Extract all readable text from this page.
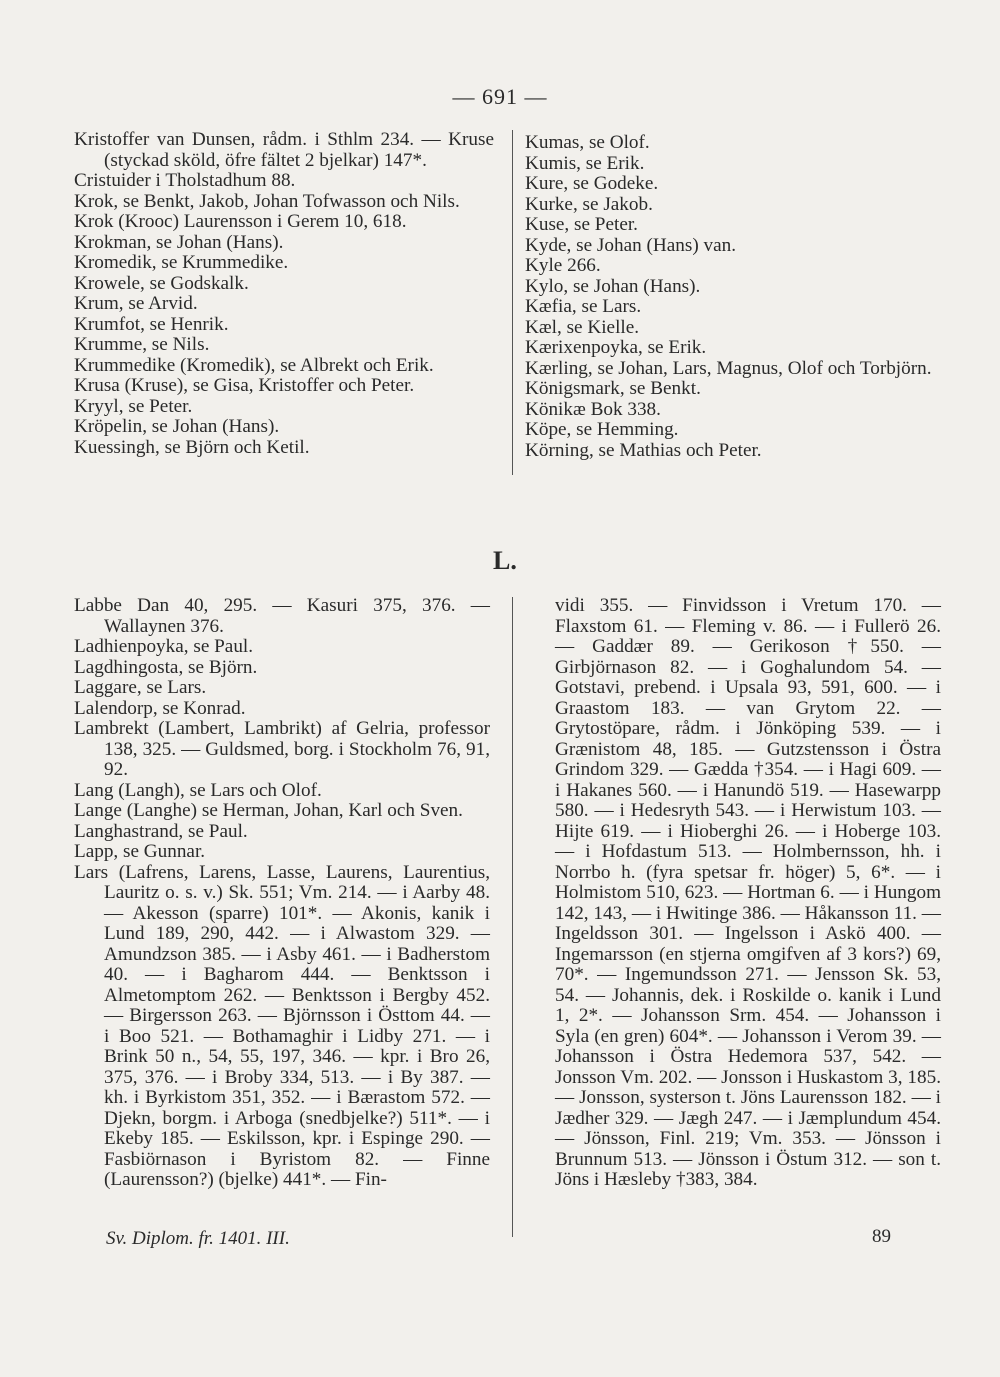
— 691 —

Kristoffer van Dunsen, rådm. i Sthlm 234. — Kruse (styckad sköld, öfre fältet 2 bjelkar) 147*.

Cristuider i Tholstadhum 88.

Krok, se Benkt, Jakob, Johan Tofwasson och Nils.

Krok (Krooc) Laurensson i Gerem 10, 618.

Krokman, se Johan (Hans).

Kromedik, se Krummedike.

Krowele, se Godskalk.

Krum, se Arvid.

Krumfot, se Henrik.

Krumme, se Nils.

Krummedike (Kromedik), se Albrekt och Erik.

Krusa (Kruse), se Gisa, Kristoffer och Peter.

Kryyl, se Peter.

Kröpelin, se Johan (Hans).

Kuessingh, se Björn och Ketil.

Kumas, se Olof.

Kumis, se Erik.

Kure, se Godeke.

Kurke, se Jakob.

Kuse, se Peter.

Kyde, se Johan (Hans) van.

Kyle 266.

Kylo, se Johan (Hans).

Kæfia, se Lars.

Kæl, se Kielle.

Kærixenpoyka, se Erik.

Kærling, se Johan, Lars, Magnus, Olof och Torbjörn.

Königsmark, se Benkt.

Könikæ Bok 338.

Köpe, se Hemming.

Körning, se Mathias och Peter.

L.

Labbe Dan 40, 295. — Kasuri 375, 376. — Wallaynen 376.

Ladhienpoyka, se Paul.

Lagdhingosta, se Björn.

Laggare, se Lars.

Lalendorp, se Konrad.

Lambrekt (Lambert, Lambrikt) af Gelria, professor 138, 325. — Guldsmed, borg. i Stockholm 76, 91, 92.

Lang (Langh), se Lars och Olof.

Lange (Langhe) se Herman, Johan, Karl och Sven.

Langhastrand, se Paul.

Lapp, se Gunnar.

Lars (Lafrens, Larens, Lasse, Laurens, Laurentius, Lauritz o. s. v.) Sk. 551; Vm. 214. — i Aarby 48. — Akesson (sparre) 101*. — Akonis, kanik i Lund 189, 290, 442. — i Alwastom 329. — Amundzson 385. — i Asby 461. — i Badherstom 40. — i Bagharom 444. — Benktsson i Almetomptom 262. — Benktsson i Bergby 452. — Birgersson 263. — Björnsson i Östtom 44. — i Boo 521. — Bothamaghir i Lidby 271. — i Brink 50 n., 54, 55, 197, 346. — kpr. i Bro 26, 375, 376. — i Broby 334, 513. — i By 387. — kh. i Byrkistom 351, 352. — i Bærastom 572. — Djekn, borgm. i Arboga (snedbjelke?) 511*. — i Ekeby 185. — Eskilsson, kpr. i Espinge 290. — Fasbiörnason i Byristom 82. — Finne (Laurensson?) (bjelke) 441*. — Fin-

vidi 355. — Finvidsson i Vretum 170. — Flaxstom 61. — Fleming v. 86. — i Fullerö 26. — Gaddær 89. — Gerikoson †550. — Girbjörnason 82. — i Goghalundom 54. — Gotstavi, prebend. i Upsala 93, 591, 600. — i Graastom 183. — van Grytom 22. — Grytostöpare, rådm. i Jönköping 539. — i Grænistom 48, 185. — Gutzstensson i Östra Grindom 329. — Gædda †354. — i Hagi 609. — i Hakanes 560. — i Hanundö 519. — Hasewarpp 580. — i Hedesryth 543. — i Herwistum 103. — Hijte 619. — i Hioberghi 26. — i Hoberge 103. — i Hofdastum 513. — Holmbernsson, hh. i Norrbo h. (fyra spetsar fr. höger) 5, 6*. — i Holmistom 510, 623. — Hortman 6. — i Hungom 142, 143, — i Hwitinge 386. — Håkansson 11. — Ingeldsson 301. — Ingelsson i Askö 400. — Ingemarsson (en stjerna omgifven af 3 kors?) 69, 70*. — Ingemundsson 271. — Jensson Sk. 53, 54. — Johannis, dek. i Roskilde o. kanik i Lund 1, 2*. — Johansson Srm. 454. — Johansson i Syla (en gren) 604*. — Johansson i Verom 39. — Johansson i Östra Hedemora 537, 542. — Jonsson Vm. 202. — Jonsson i Huskastom 3, 185. — Jonsson, systerson t. Jöns Laurensson 182. — i Jædher 329. — Jægh 247. — i Jæmplundum 454. — Jönsson, Finl. 219; Vm. 353. — Jönsson i Brunnum 513. — Jönsson i Östum 312. — son t. Jöns i Hæsleby †383, 384.

Sv. Diplom. fr. 1401. III.	89
